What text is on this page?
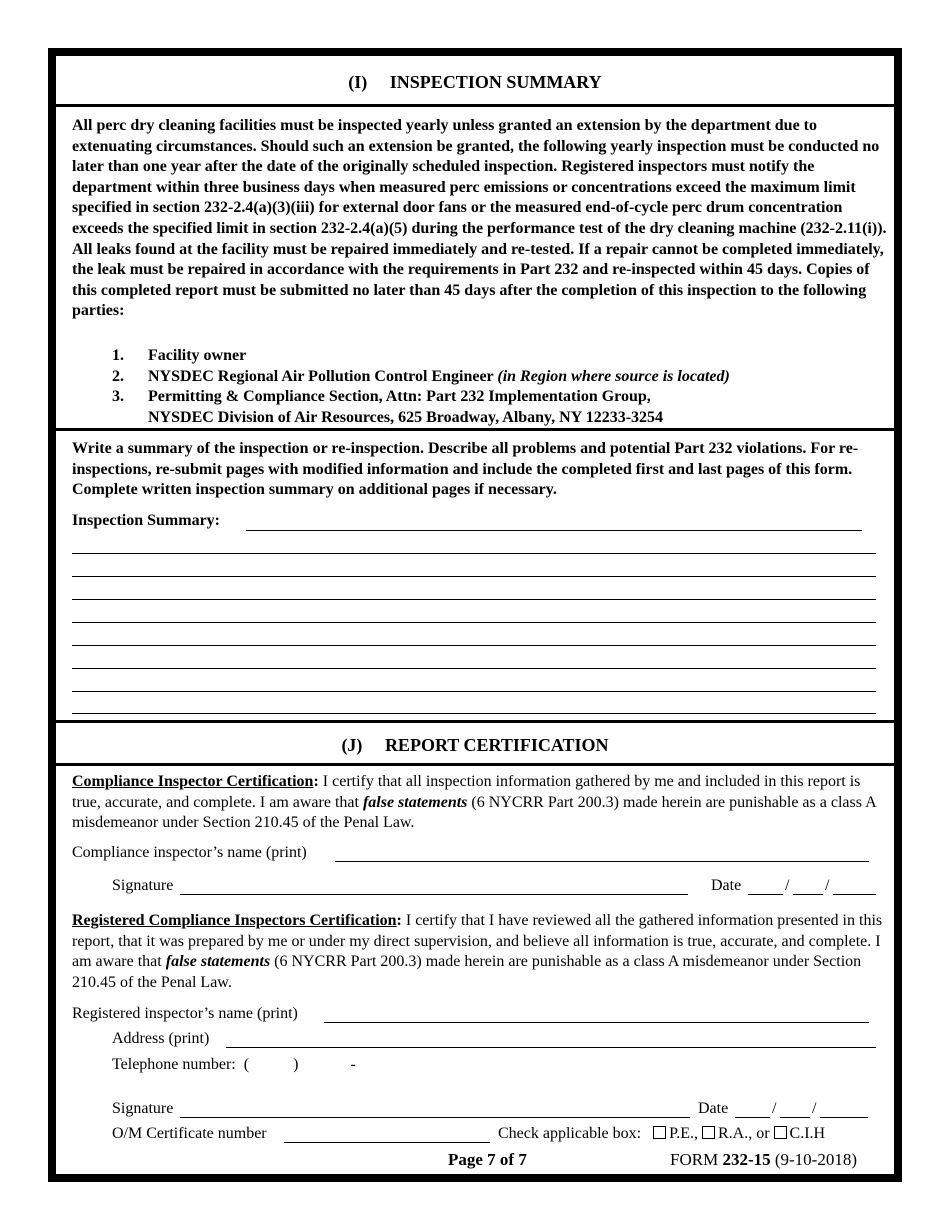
(I) INSPECTION SUMMARY
All perc dry cleaning facilities must be inspected yearly unless granted an extension by the department due to extenuating circumstances. Should such an extension be granted, the following yearly inspection must be conducted no later than one year after the date of the originally scheduled inspection. Registered inspectors must notify the department within three business days when measured perc emissions or concentrations exceed the maximum limit specified in section 232-2.4(a)(3)(iii) for external door fans or the measured end-of-cycle perc drum concentration exceeds the specified limit in section 232-2.4(a)(5) during the performance test of the dry cleaning machine (232-2.11(i)). All leaks found at the facility must be repaired immediately and re-tested. If a repair cannot be completed immediately, the leak must be repaired in accordance with the requirements in Part 232 and re-inspected within 45 days. Copies of this completed report must be submitted no later than 45 days after the completion of this inspection to the following parties:
1. Facility owner
2. NYSDEC Regional Air Pollution Control Engineer (in Region where source is located)
3. Permitting & Compliance Section, Attn: Part 232 Implementation Group,
NYSDEC Division of Air Resources, 625 Broadway, Albany, NY 12233-3254
Write a summary of the inspection or re-inspection. Describe all problems and potential Part 232 violations. For re-inspections, re-submit pages with modified information and include the completed first and last pages of this form. Complete written inspection summary on additional pages if necessary.
Inspection Summary:
(J) REPORT CERTIFICATION
Compliance Inspector Certification: I certify that all inspection information gathered by me and included in this report is true, accurate, and complete. I am aware that false statements (6 NYCRR Part 200.3) made herein are punishable as a class A misdemeanor under Section 210.45 of the Penal Law.
Compliance inspector’s name (print)
Signature	Date	/ /
Registered Compliance Inspectors Certification: I certify that I have reviewed all the gathered information presented in this report, that it was prepared by me or under my direct supervision, and believe all information is true, accurate, and complete. I am aware that false statements (6 NYCRR Part 200.3) made herein are punishable as a class A misdemeanor under Section 210.45 of the Penal Law.
Registered inspector’s name (print)
Address (print)
Telephone number: (	)	-
Signature	Date	/ /
O/M Certificate number	Check applicable box: P.E., R.A., or C.I.H
Page 7 of 7	FORM 232-15 (9-10-2018)
